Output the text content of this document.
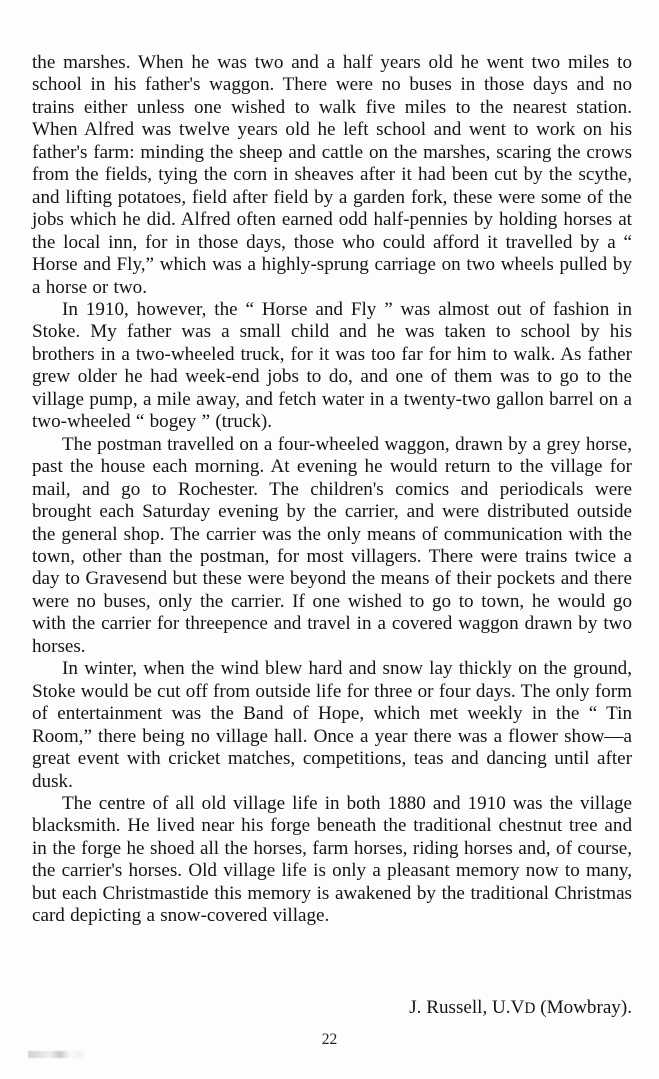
the marshes. When he was two and a half years old he went two miles to school in his father's waggon. There were no buses in those days and no trains either unless one wished to walk five miles to the nearest station. When Alfred was twelve years old he left school and went to work on his father's farm: minding the sheep and cattle on the marshes, scaring the crows from the fields, tying the corn in sheaves after it had been cut by the scythe, and lifting potatoes, field after field by a garden fork, these were some of the jobs which he did. Alfred often earned odd half-pennies by holding horses at the local inn, for in those days, those who could afford it travelled by a “ Horse and Fly,” which was a highly-sprung carriage on two wheels pulled by a horse or two.

In 1910, however, the “ Horse and Fly ” was almost out of fashion in Stoke. My father was a small child and he was taken to school by his brothers in a two-wheeled truck, for it was too far for him to walk. As father grew older he had week-end jobs to do, and one of them was to go to the village pump, a mile away, and fetch water in a twenty-two gallon barrel on a two-wheeled “ bogey ” (truck).

The postman travelled on a four-wheeled waggon, drawn by a grey horse, past the house each morning. At evening he would return to the village for mail, and go to Rochester. The children's comics and periodicals were brought each Saturday evening by the carrier, and were distributed outside the general shop. The carrier was the only means of communication with the town, other than the postman, for most villagers. There were trains twice a day to Gravesend but these were beyond the means of their pockets and there were no buses, only the carrier. If one wished to go to town, he would go with the carrier for threepence and travel in a covered waggon drawn by two horses.

In winter, when the wind blew hard and snow lay thickly on the ground, Stoke would be cut off from outside life for three or four days. The only form of entertainment was the Band of Hope, which met weekly in the “ Tin Room,” there being no village hall. Once a year there was a flower show—a great event with cricket matches, competitions, teas and dancing until after dusk.

The centre of all old village life in both 1880 and 1910 was the village blacksmith. He lived near his forge beneath the traditional chestnut tree and in the forge he shoed all the horses, farm horses, riding horses and, of course, the carrier's horses. Old village life is only a pleasant memory now to many, but each Christmastide this memory is awakened by the traditional Christmas card depicting a snow-covered village.

J. Russell, U.VD (Mowbray).
22
